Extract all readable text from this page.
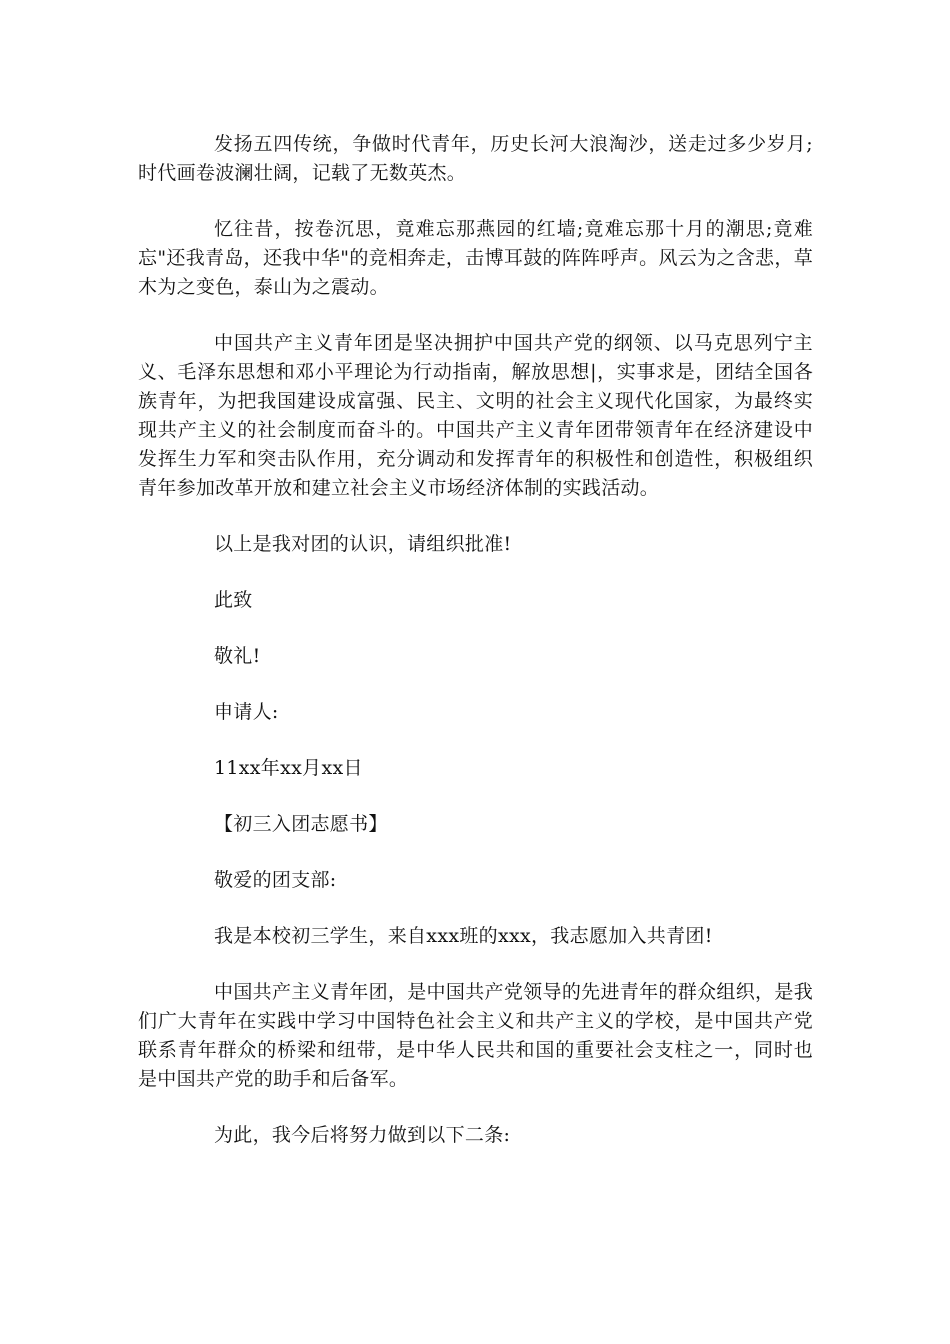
发扬五四传统，争做时代青年，历史长河大浪淘沙，送走过多少岁月;时代画卷波澜壮阔，记载了无数英杰。

忆往昔，按卷沉思，竟难忘那燕园的红墙;竟难忘那十月的潮思;竟难忘"还我青岛，还我中华"的竞相奔走，击博耳鼓的阵阵呼声。风云为之含悲，草木为之变色，泰山为之震动。

中国共产主义青年团是坚决拥护中国共产党的纲领、以马克思列宁主义、毛泽东思想和邓小平理论为行动指南，解放思想|，实事求是，团结全国各族青年，为把我国建设成富强、民主、文明的社会主义现代化国家，为最终实现共产主义的社会制度而奋斗的。中国共产主义青年团带领青年在经济建设中发挥生力军和突击队作用，充分调动和发挥青年的积极性和创造性，积极组织青年参加改革开放和建立社会主义市场经济体制的实践活动。

以上是我对团的认识，请组织批准!

此致

敬礼!

申请人:

11xx年xx月xx日

【初三入团志愿书】

敬爱的团支部:

我是本校初三学生，来自xxx班的xxx，我志愿加入共青团!

中国共产主义青年团，是中国共产党领导的先进青年的群众组织，是我们广大青年在实践中学习中国特色社会主义和共产主义的学校，是中国共产党联系青年群众的桥梁和纽带，是中华人民共和国的重要社会支柱之一，同时也是中国共产党的助手和后备军。

为此，我今后将努力做到以下二条:
